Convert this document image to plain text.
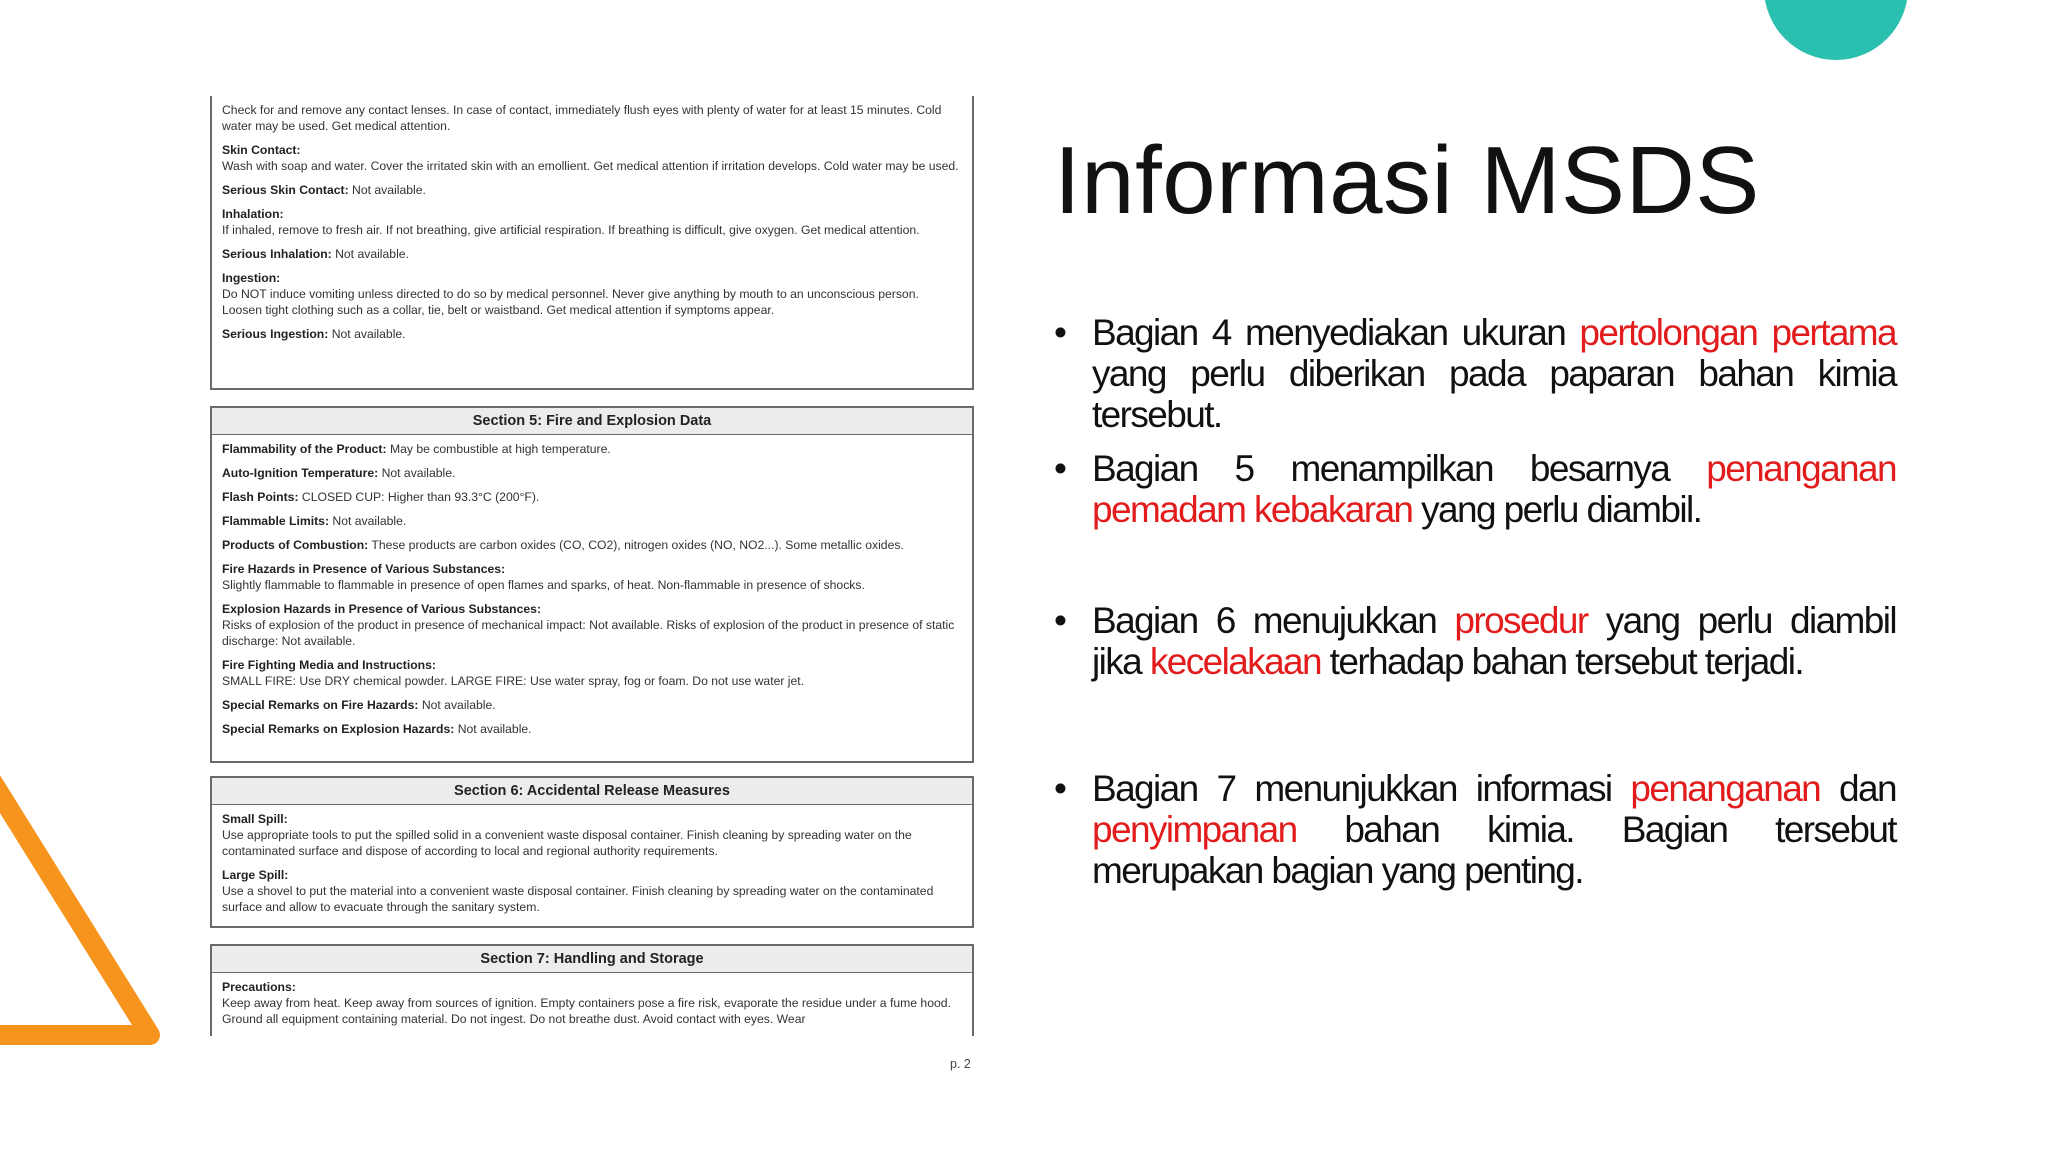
Check for and remove any contact lenses. In case of contact, immediately flush eyes with plenty of water for at least 15 minutes. Cold water may be used. Get medical attention.
Skin Contact:
Wash with soap and water. Cover the irritated skin with an emollient. Get medical attention if irritation develops. Cold water may be used.
Serious Skin Contact: Not available.
Inhalation:
If inhaled, remove to fresh air. If not breathing, give artificial respiration. If breathing is difficult, give oxygen. Get medical attention.
Serious Inhalation: Not available.
Ingestion:
Do NOT induce vomiting unless directed to do so by medical personnel. Never give anything by mouth to an unconscious person. Loosen tight clothing such as a collar, tie, belt or waistband. Get medical attention if symptoms appear.
Serious Ingestion: Not available.
Section 5: Fire and Explosion Data
Flammability of the Product: May be combustible at high temperature.
Auto-Ignition Temperature: Not available.
Flash Points: CLOSED CUP: Higher than 93.3°C (200°F).
Flammable Limits: Not available.
Products of Combustion: These products are carbon oxides (CO, CO2), nitrogen oxides (NO, NO2...). Some metallic oxides.
Fire Hazards in Presence of Various Substances:
Slightly flammable to flammable in presence of open flames and sparks, of heat. Non-flammable in presence of shocks.
Explosion Hazards in Presence of Various Substances:
Risks of explosion of the product in presence of mechanical impact: Not available. Risks of explosion of the product in presence of static discharge: Not available.
Fire Fighting Media and Instructions:
SMALL FIRE: Use DRY chemical powder. LARGE FIRE: Use water spray, fog or foam. Do not use water jet.
Special Remarks on Fire Hazards: Not available.
Special Remarks on Explosion Hazards: Not available.
Section 6: Accidental Release Measures
Small Spill:
Use appropriate tools to put the spilled solid in a convenient waste disposal container. Finish cleaning by spreading water on the contaminated surface and dispose of according to local and regional authority requirements.
Large Spill:
Use a shovel to put the material into a convenient waste disposal container. Finish cleaning by spreading water on the contaminated surface and allow to evacuate through the sanitary system.
Section 7: Handling and Storage
Precautions:
Keep away from heat. Keep away from sources of ignition. Empty containers pose a fire risk, evaporate the residue under a fume hood. Ground all equipment containing material. Do not ingest. Do not breathe dust. Avoid contact with eyes. Wear
p. 2
Informasi MSDS
• Bagian 4 menyediakan ukuran pertolongan pertama yang perlu diberikan pada paparan bahan kimia tersebut.
• Bagian 5 menampilkan besarnya penanganan pemadam kebakaran yang perlu diambil.
• Bagian 6 menujukkan prosedur yang perlu diambil jika kecelakaan terhadap bahan tersebut terjadi.
• Bagian 7 menunjukkan informasi penanganan dan penyimpanan bahan kimia. Bagian tersebut merupakan bagian yang penting.
